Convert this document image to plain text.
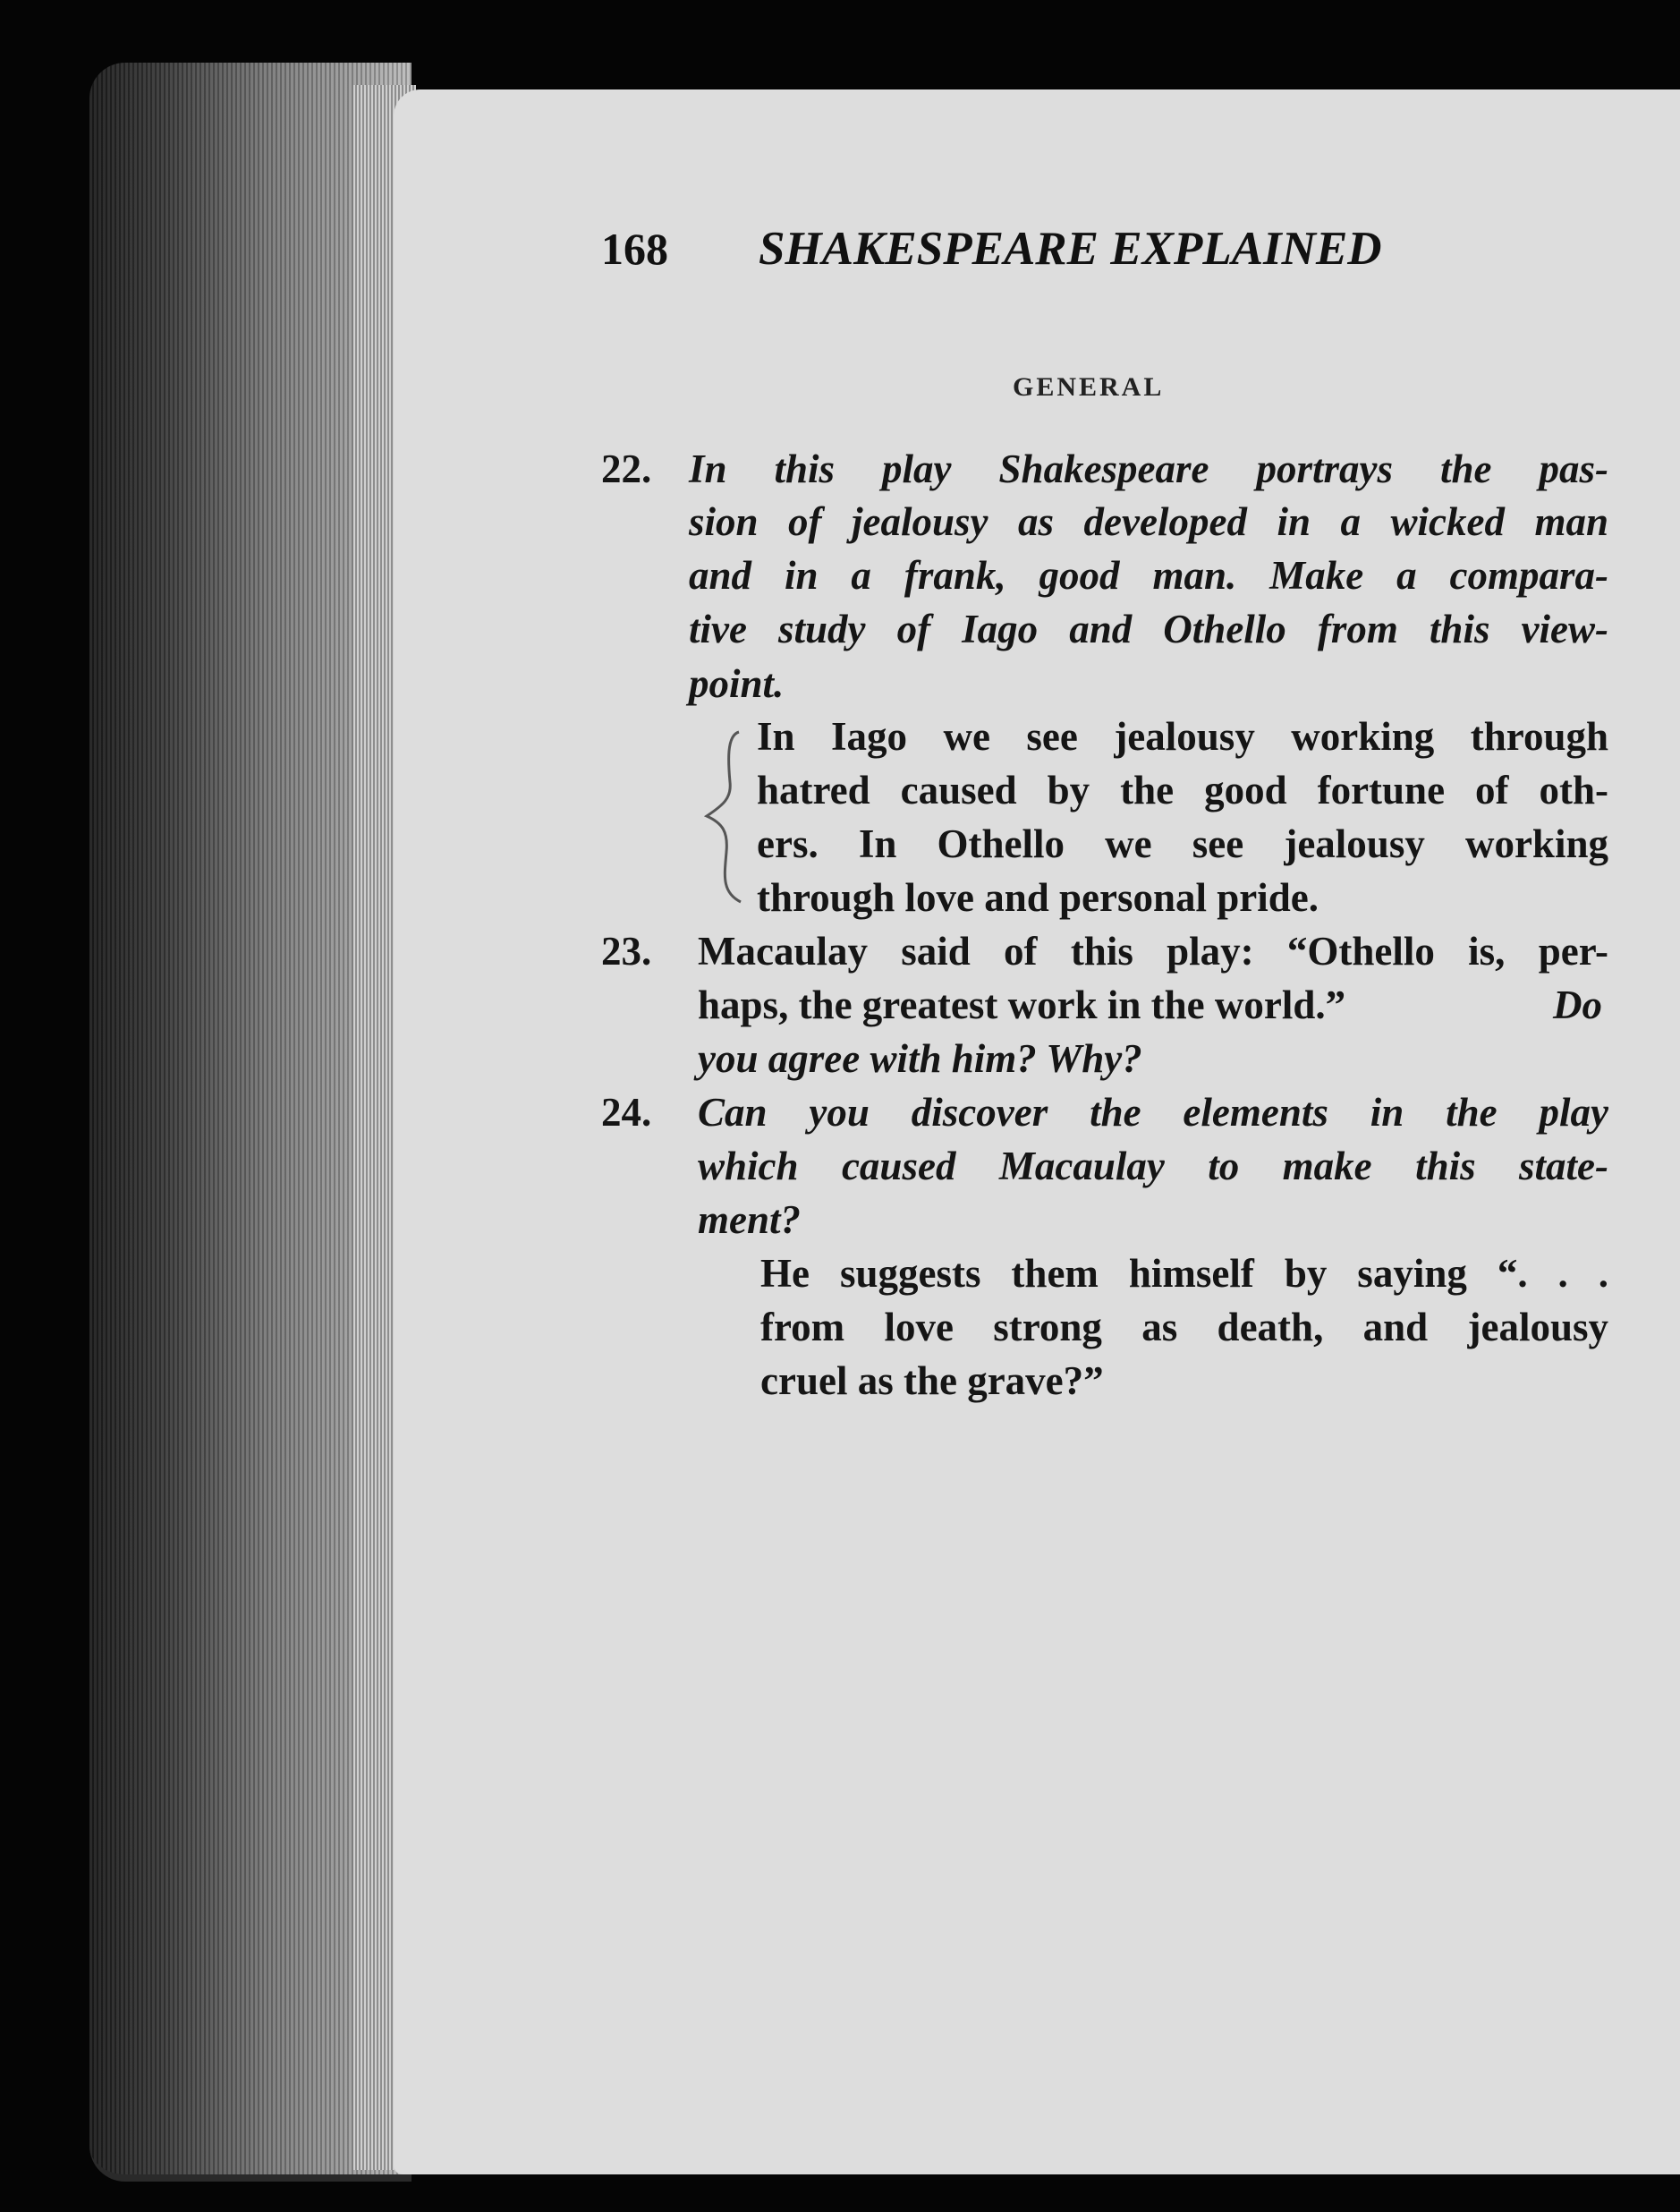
168 SHAKESPEARE EXPLAINED
GENERAL
22. In this play Shakespeare portrays the pas-
sion of jealousy as developed in a wicked man
and in a frank, good man. Make a compara-
tive study of Iago and Othello from this view-
point.
In Iago we see jealousy working through
hatred caused by the good fortune of oth-
ers. In Othello we see jealousy working
through love and personal pride.
23. Macaulay said of this play: “Othello is, per-
haps, the greatest work in the world.”	Do
you agree with him? Why?
24. Can you discover the elements in the play
which caused Macaulay to make this state-
ment?
He suggests them himself by saying “. . .
from love strong as death, and jealousy
cruel as the grave?”
